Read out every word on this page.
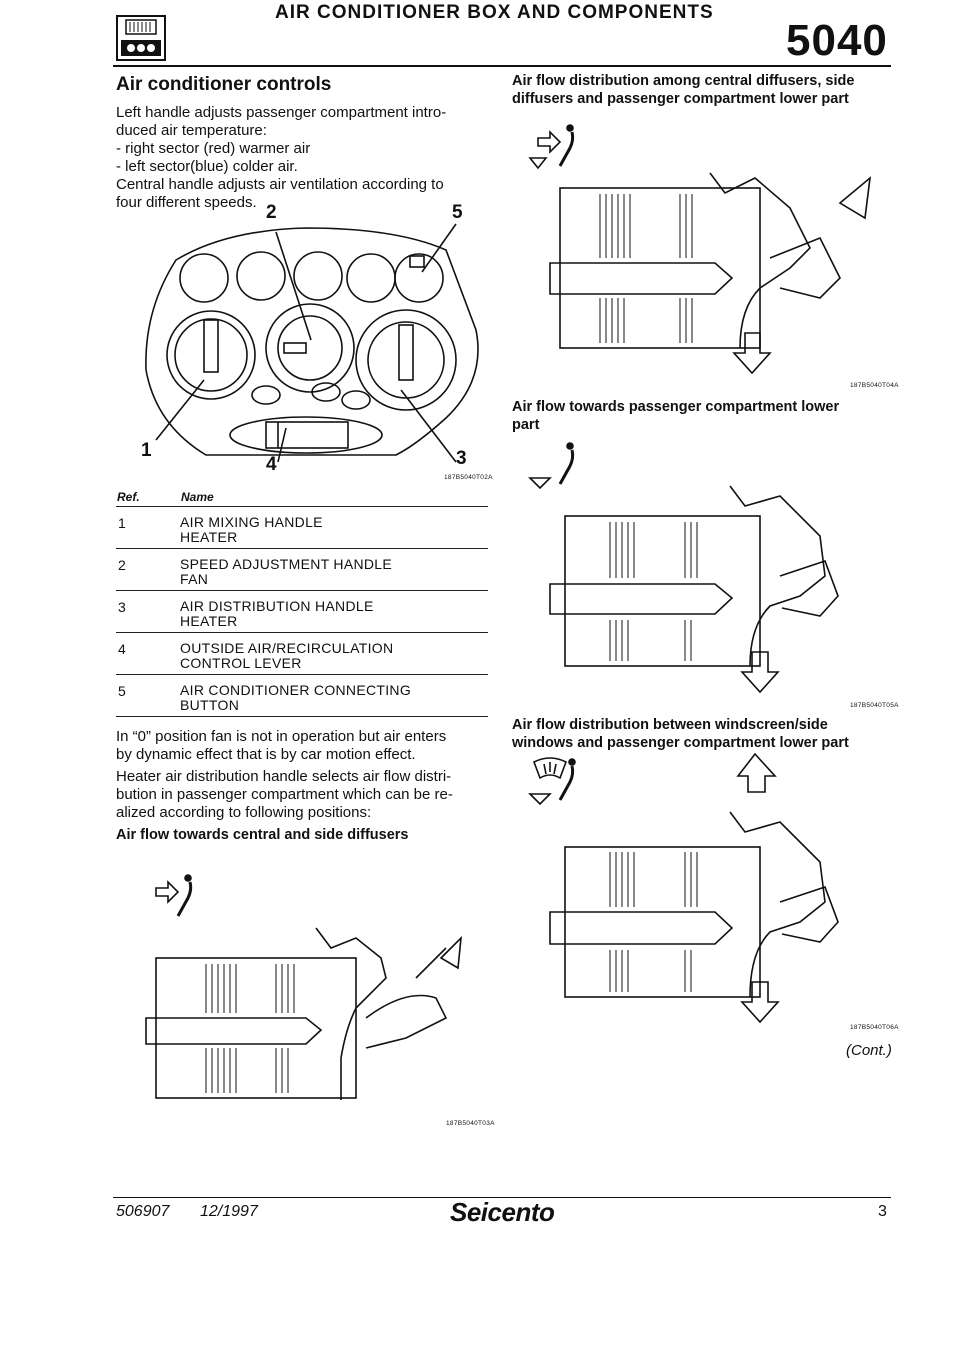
AIR CONDITIONER BOX AND COMPONENTS
5040
Air conditioner controls
Left handle adjusts passenger compartment intro-
duced air temperature:
- right sector (red) warmer air
- left sector(blue) colder air.
Central handle adjusts air ventilation according to
four different speeds. 2	5
1
4	3
187B5040T02A
Ref.	Name
1	AIR MIXING HANDLE
HEATER

2	SPEED ADJUSTMENT HANDLE
FAN

3	AIR DISTRIBUTION HANDLE
HEATER

4	OUTSIDE AIR/RECIRCULATION
CONTROL LEVER

5	AIR CONDITIONER CONNECTING
BUTTON
In “0” position fan is not in operation but air enters
by dynamic effect that is by car motion effect.
Heater air distribution handle selects air flow distri-
bution in passenger compartment which can be re-
alized according to following positions:
Air flow towards central and side diffusers
187B5040T03A
Air flow distribution among central diffusers, side
diffusers and passenger compartment lower part
187B5040T04A
Air flow towards passenger compartment lower
part
187B5040T05A
Air flow distribution between windscreen/side
windows and passenger compartment lower part
187B5040T06A
(Cont.)
506907 12/1997	Seicento	3
